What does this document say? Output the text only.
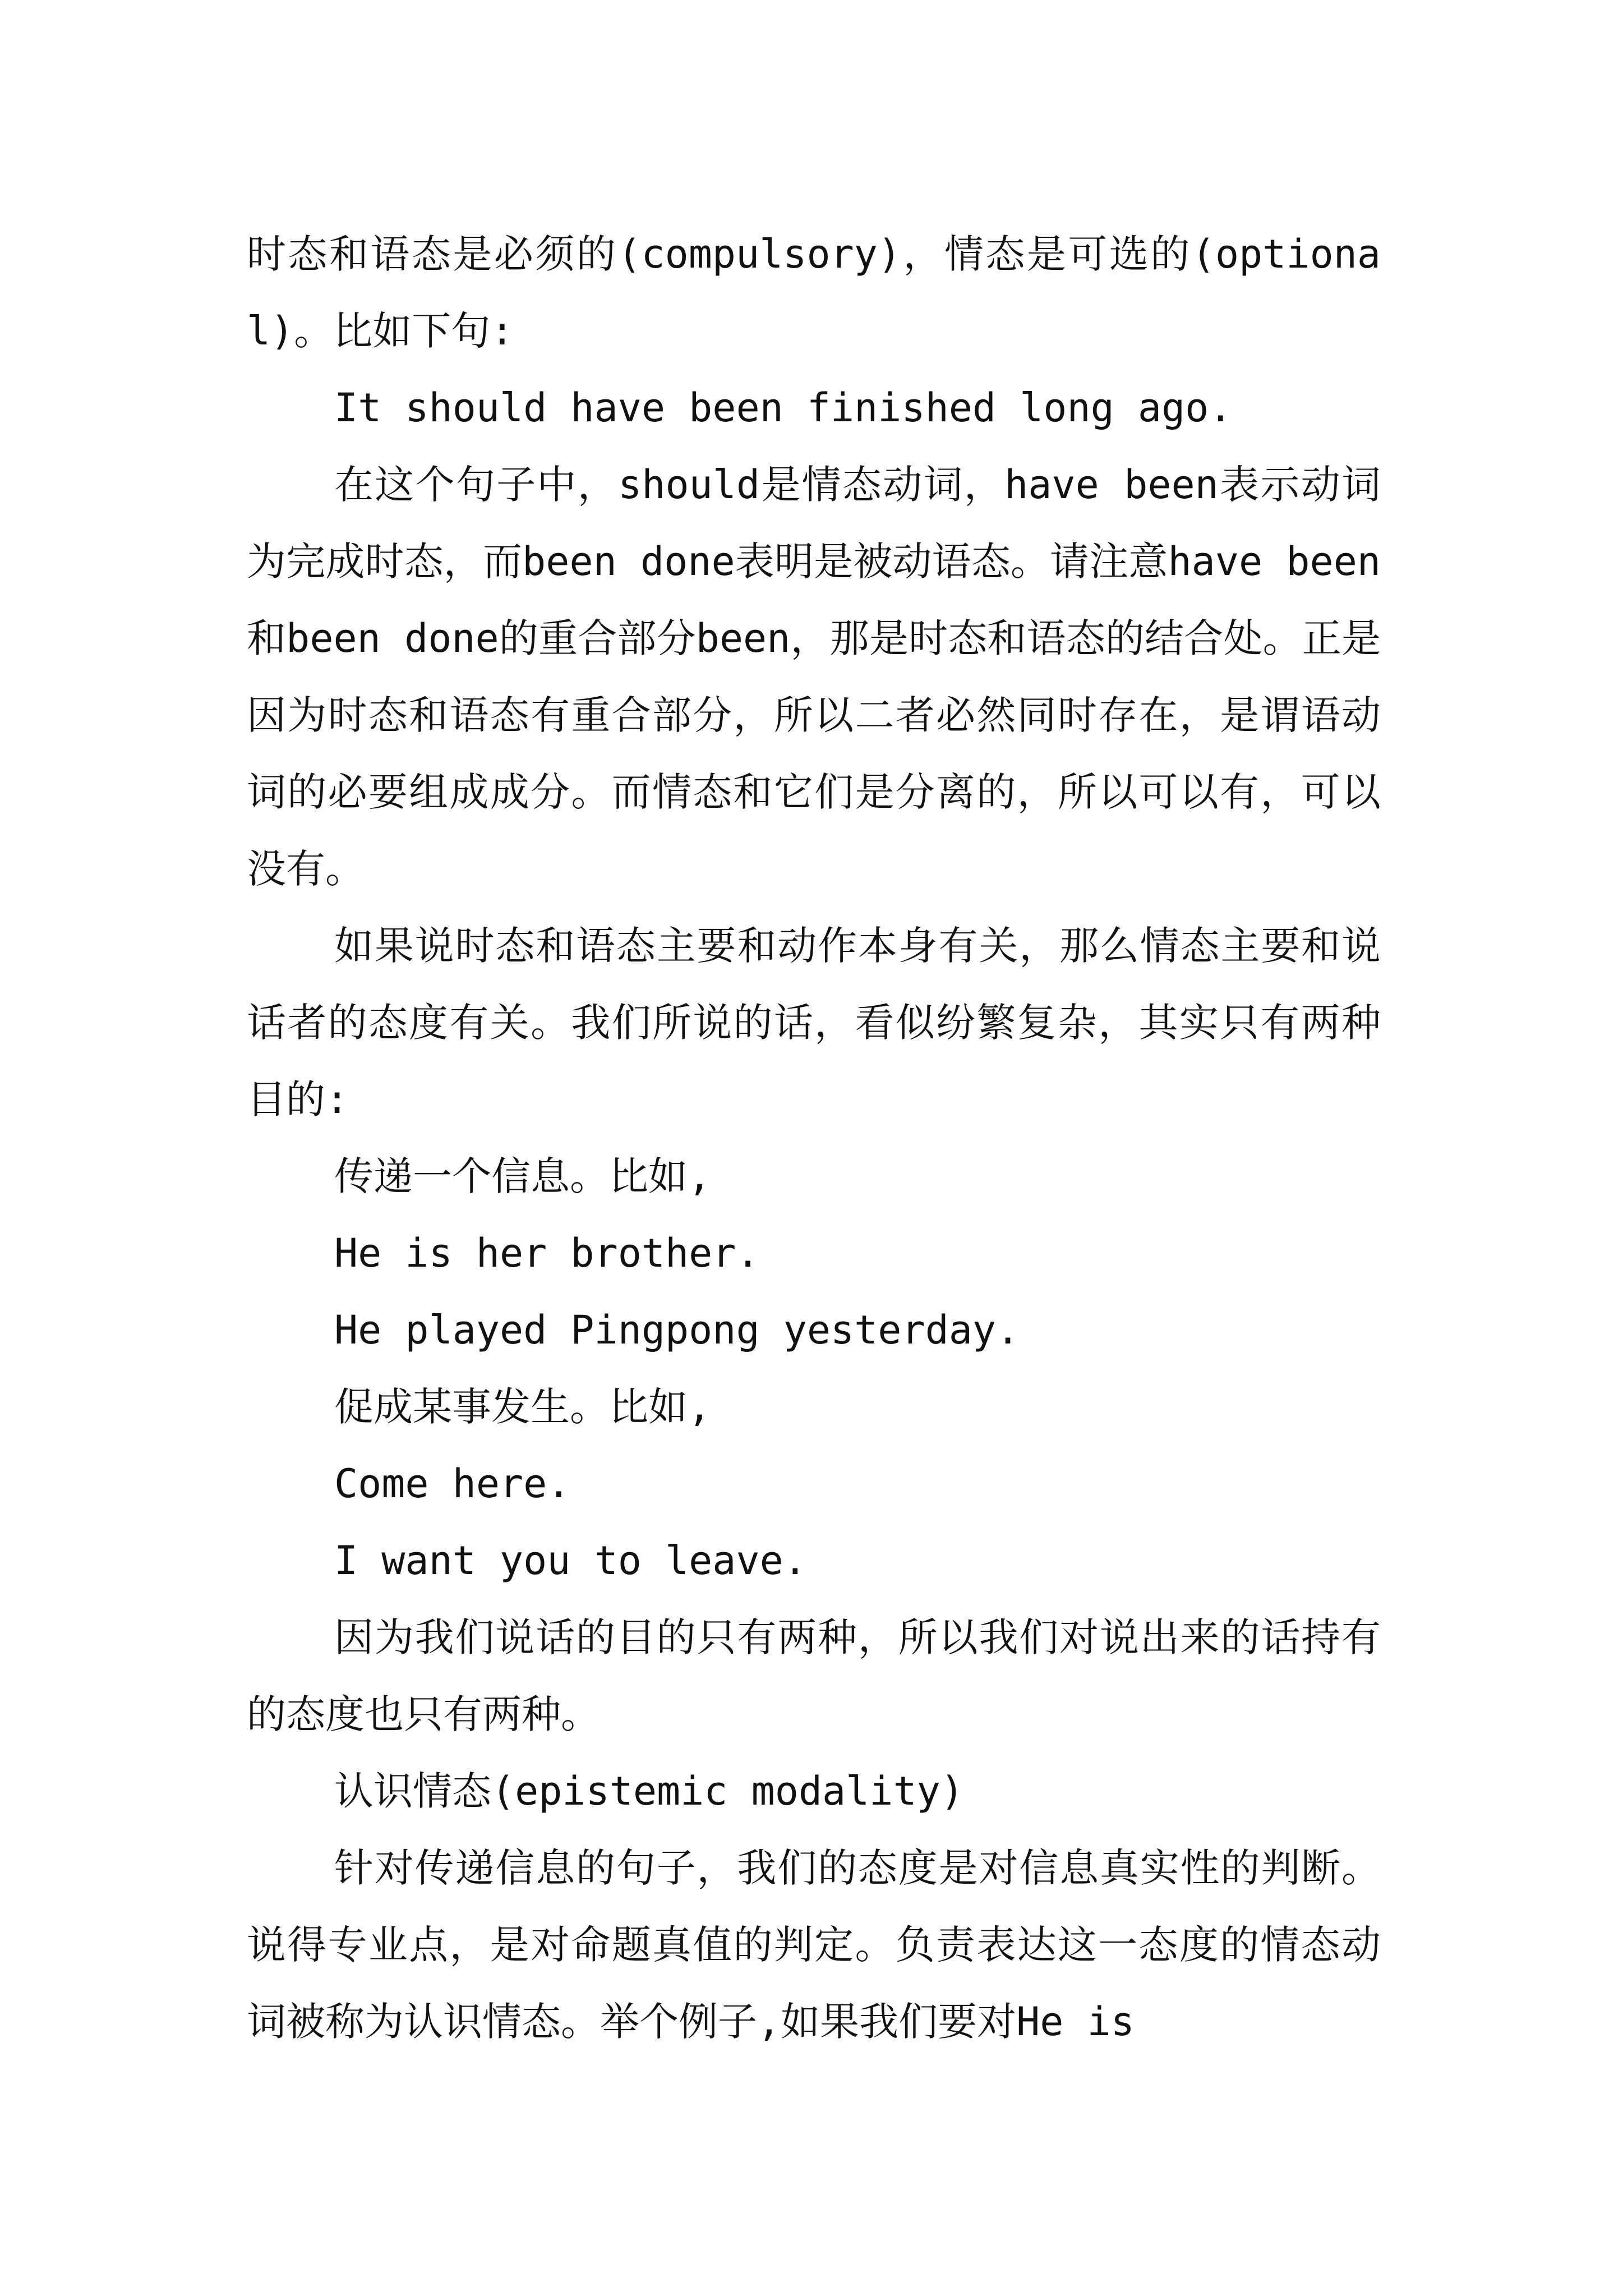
时态和语态是必须的(compulsory)，情态是可选的(optional)。比如下句:

It should have been finished long ago.

在这个句子中，should是情态动词，have been表示动词为完成时态，而been done表明是被动语态。请注意have been和been done的重合部分been，那是时态和语态的结合处。正是因为时态和语态有重合部分，所以二者必然同时存在，是谓语动词的必要组成成分。而情态和它们是分离的，所以可以有，可以没有。

如果说时态和语态主要和动作本身有关，那么情态主要和说话者的态度有关。我们所说的话，看似纷繁复杂，其实只有两种目的:

传递一个信息。比如,

He is her brother.

He played Pingpong yesterday.

促成某事发生。比如,

Come here.

I want you to leave.

因为我们说话的目的只有两种，所以我们对说出来的话持有的态度也只有两种。

认识情态(epistemic modality)

针对传递信息的句子，我们的态度是对信息真实性的判断。说得专业点，是对命题真值的判定。负责表达这一态度的情态动词被称为认识情态。举个例子,如果我们要对He is
